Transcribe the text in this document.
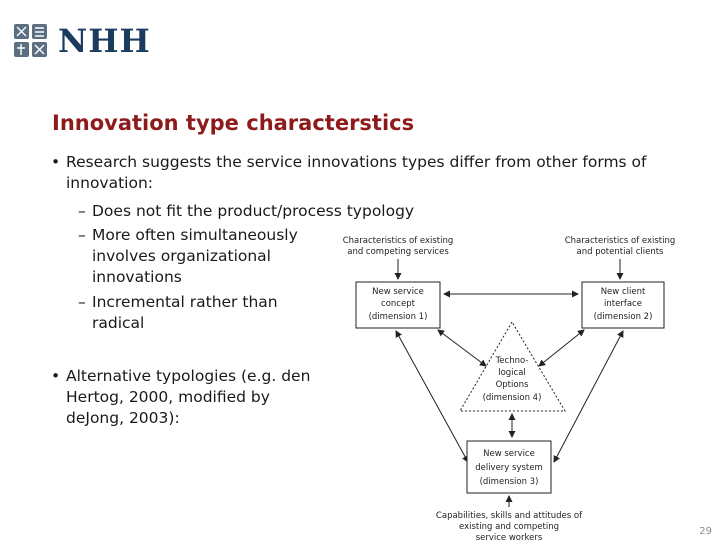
NHH
Innovation type characterstics
• Research suggests the service innovations types differ from other forms of innovation:
– Does not fit the product/process typology
– More often simultaneously involves organizational innovations
– Incremental rather than radical
• Alternative typologies (e.g. den Hertog, 2000, modified by deJong, 2003):
Characteristics of existing
and competing services
Characteristics of existing
and potential clients
New service
concept
(dimension 1)
New client
interface
(dimension 2)
Techno-
logical
Options
(dimension 4)
New service
delivery system
(dimension 3)
Capabilities, skills and attitudes of
existing and competing
service workers
29
